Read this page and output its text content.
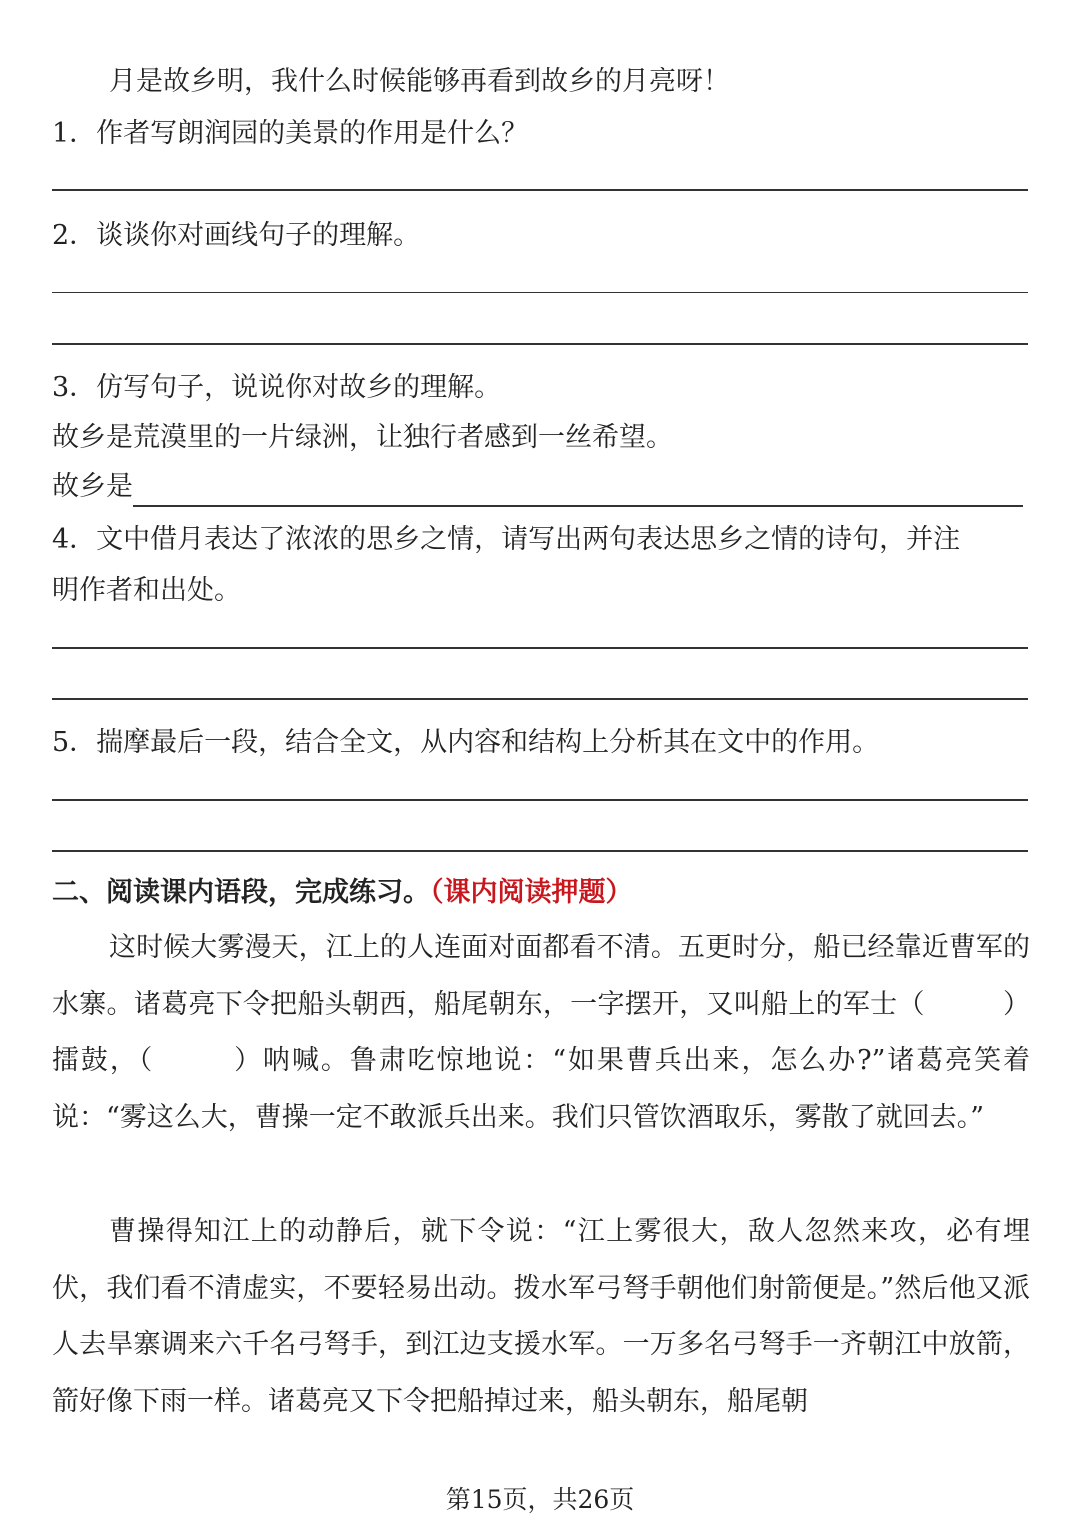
月是故乡明，我什么时候能够再看到故乡的月亮呀！
1．作者写朗润园的美景的作用是什么？
2．谈谈你对画线句子的理解。
3．仿写句子，说说你对故乡的理解。
故乡是荒漠里的一片绿洲，让独行者感到一丝希望。
故乡是
4．文中借月表达了浓浓的思乡之情，请写出两句表达思乡之情的诗句，并注
明作者和出处。
5．揣摩最后一段，结合全文，从内容和结构上分析其在文中的作用。
二、阅读课内语段，完成练习。（课内阅读押题）
这时候大雾漫天，江上的人连面对面都看不清。五更时分，船已经靠近曹军的水寨。诸葛亮下令把船头朝西，船尾朝东，一字摆开，又叫船上的军士（	）擂鼓，（	）呐喊。鲁肃吃惊地说：“如果曹兵出来，怎么办?”诸葛亮笑着说：“雾这么大，曹操一定不敢派兵出来。我们只管饮酒取乐，雾散了就回去。”
曹操得知江上的动静后，就下令说：“江上雾很大，敌人忽然来攻，必有埋伏，我们看不清虚实，不要轻易出动。拨水军弓弩手朝他们射箭便是。”然后他又派人去旱寨调来六千名弓弩手，到江边支援水军。一万多名弓弩手一齐朝江中放箭，箭好像下雨一样。诸葛亮又下令把船掉过来，船头朝东，船尾朝
第15页，共26页
